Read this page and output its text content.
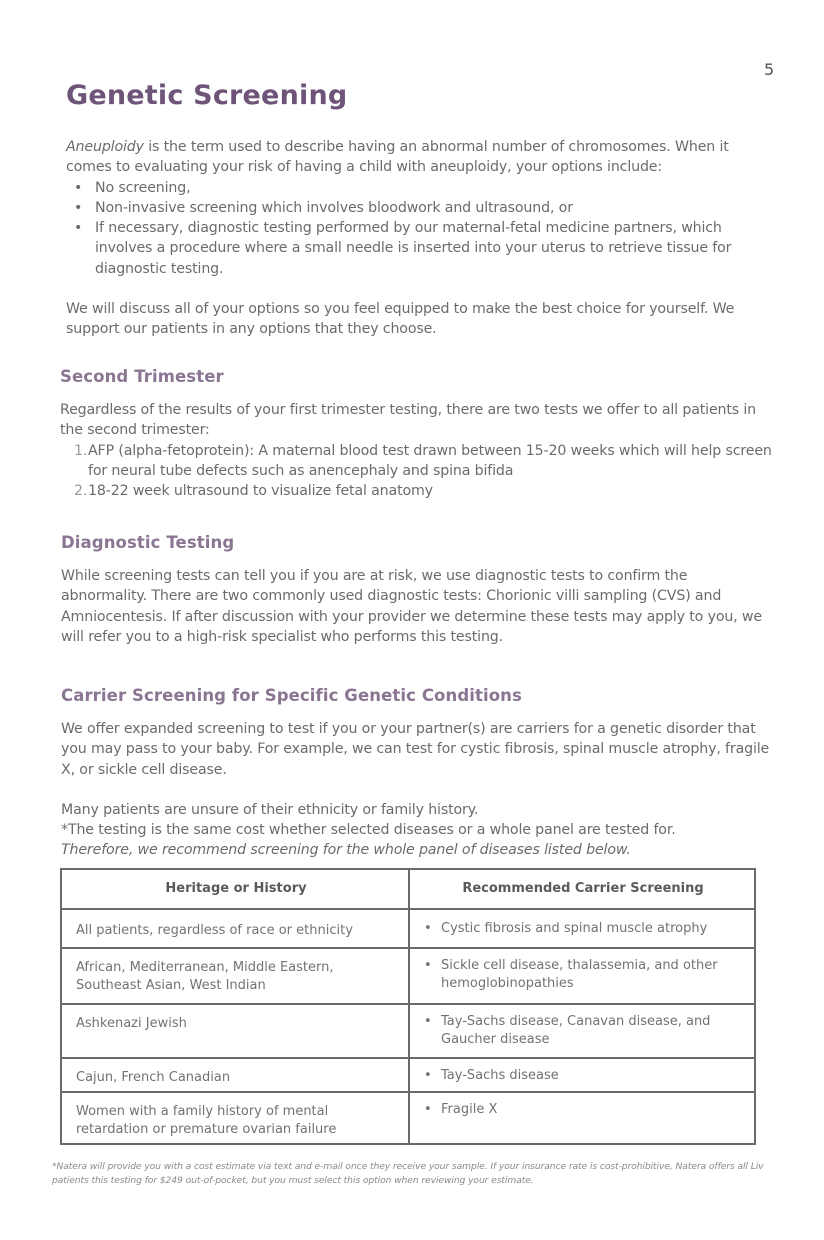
5
Genetic Screening

Aneuploidy is the term used to describe having an abnormal number of chromosomes. When it comes to evaluating your risk of having a child with aneuploidy, your options include:

• No screening,
• Non-invasive screening which involves bloodwork and ultrasound, or
• If necessary, diagnostic testing performed by our maternal-fetal medicine partners, which involves a procedure where a small needle is inserted into your uterus to retrieve tissue for diagnostic testing.

We will discuss all of your options so you feel equipped to make the best choice for yourself. We support our patients in any options that they choose.

Second Trimester

Regardless of the results of your first trimester testing, there are two tests we offer to all patients in the second trimester:

1. AFP (alpha-fetoprotein): A maternal blood test drawn between 15-20 weeks which will help screen for neural tube defects such as anencephaly and spina bifida
2. 18-22 week ultrasound to visualize fetal anatomy
Diagnostic Testing

While screening tests can tell you if you are at risk, we use diagnostic tests to confirm the abnormality. There are two commonly used diagnostic tests: Chorionic villi sampling (CVS) and Amniocentesis. If after discussion with your provider we determine these tests may apply to you, we will refer you to a high-risk specialist who performs this testing.

Carrier Screening for Specific Genetic Conditions

We offer expanded screening to test if you or your partner(s) are carriers for a genetic disorder that you may pass to your baby. For example, we can test for cystic fibrosis, spinal muscle atrophy, fragile X, or sickle cell disease.

Many patients are unsure of their ethnicity or family history.

*The testing is the same cost whether selected diseases or a whole panel are tested for.

Therefore, we recommend screening for the whole panel of diseases listed below.

Heritage or History	Recommended Carrier Screening
All patients, regardless of race or ethnicity	• Cystic fibrosis and spinal muscle atrophy

African, Mediterranean, Middle Eastern, Southeast Asian, West Indian	• Sickle cell disease, thalassemia, and other hemoglobinopathies

Ashkenazi Jewish	• Tay-Sachs disease, Canavan disease, and Gaucher disease

Cajun, French Canadian	• Tay-Sachs disease

Women with a family history of mental retardation or premature ovarian failure	• Fragile X
*Natera will provide you with a cost estimate via text and e-mail once they receive your sample. If your insurance rate is cost-prohibitive, Natera offers all Liv patients this testing for $249 out-of-pocket, but you must select this option when reviewing your estimate.
